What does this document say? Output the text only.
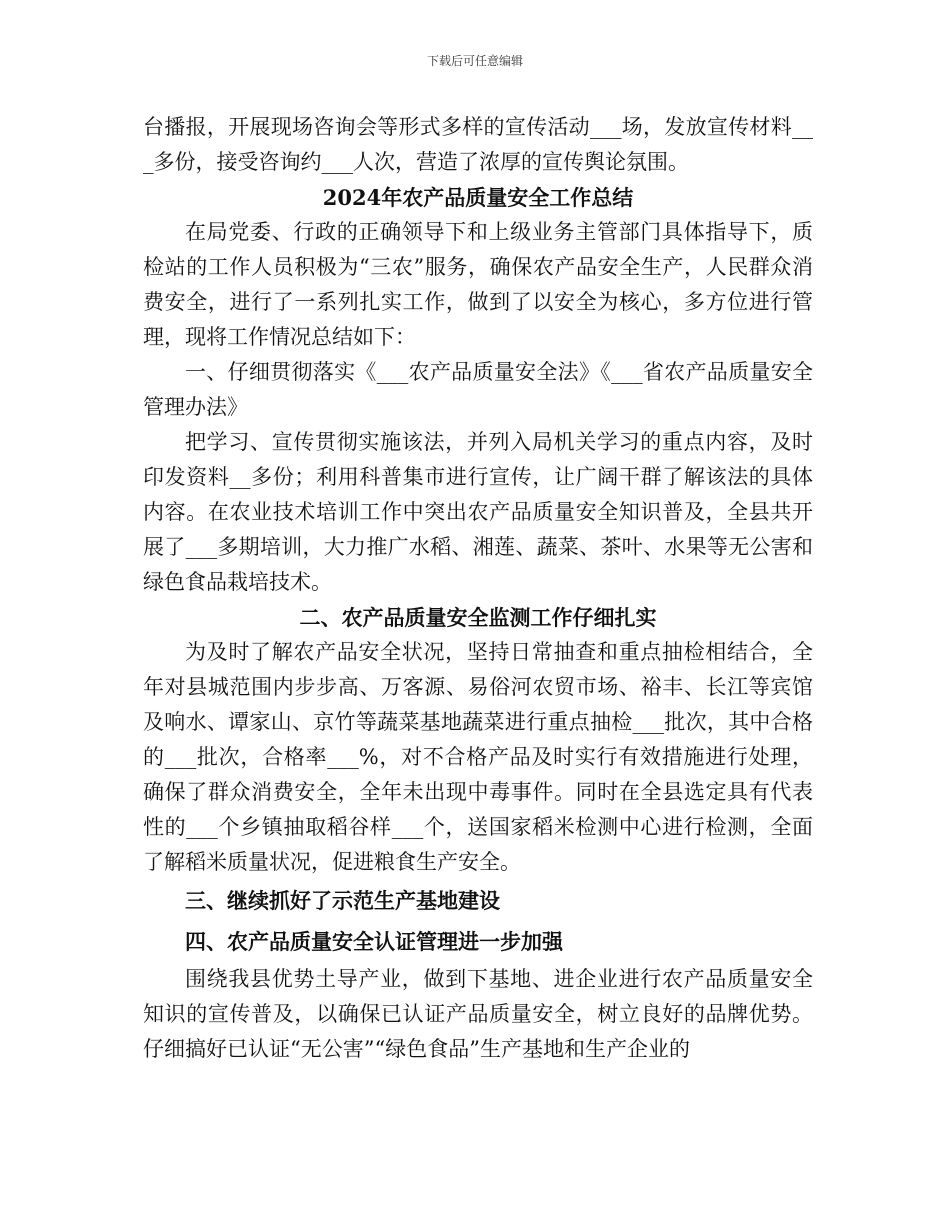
下载后可任意编辑

台播报，开展现场咨询会等形式多样的宣传活动___场，发放宣传材料___多份，接受咨询约___人次，营造了浓厚的宣传舆论氛围。

2024年农产品质量安全工作总结

在局党委、行政的正确领导下和上级业务主管部门具体指导下，质检站的工作人员积极为“三农”服务，确保农产品安全生产，人民群众消费安全，进行了一系列扎实工作，做到了以安全为核心，多方位进行管理，现将工作情况总结如下：

一、仔细贯彻落实《___农产品质量安全法》《___省农产品质量安全管理办法》

把学习、宣传贯彻实施该法，并列入局机关学习的重点内容，及时印发资料__多份；利用科普集市进行宣传，让广阔干群了解该法的具体内容。在农业技术培训工作中突出农产品质量安全知识普及，全县共开展了___多期培训，大力推广水稻、湘莲、蔬菜、茶叶、水果等无公害和绿色食品栽培技术。

二、农产品质量安全监测工作仔细扎实

为及时了解农产品安全状况，坚持日常抽查和重点抽检相结合，全年对县城范围内步步高、万客源、易俗河农贸市场、裕丰、长江等宾馆及响水、谭家山、京竹等蔬菜基地蔬菜进行重点抽检___批次，其中合格的___批次，合格率___%，对不合格产品及时实行有效措施进行处理，确保了群众消费安全，全年未出现中毒事件。同时在全县选定具有代表性的___个乡镇抽取稻谷样___个，送国家稻米检测中心进行检测，全面了解稻米质量状况，促进粮食生产安全。

三、继续抓好了示范生产基地建设

四、农产品质量安全认证管理进一步加强

围绕我县优势土导产业，做到下基地、进企业进行农产品质量安全知识的宣传普及，以确保已认证产品质量安全，树立良好的品牌优势。仔细搞好已认证“无公害”“绿色食品”生产基地和生产企业的
